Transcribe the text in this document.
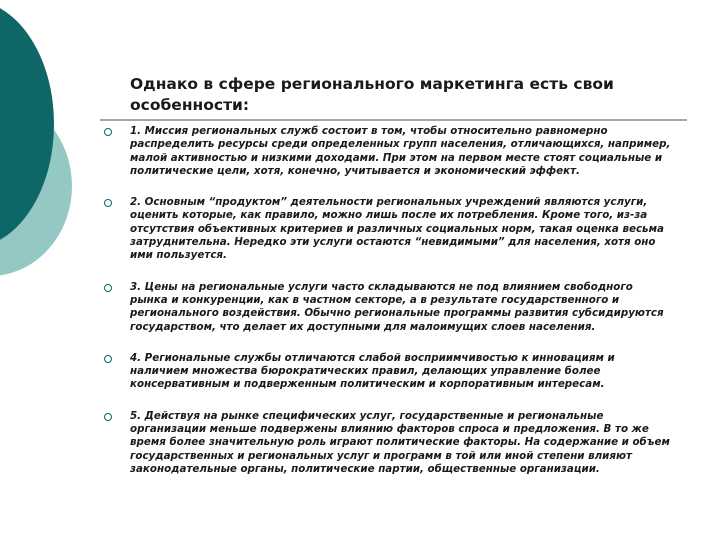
Однако в сфере регионального маркетинга есть свои особенности:
1. Миссия региональных служб состоит в том, чтобы относительно равномерно распределить ресурсы среди определенных групп населения, отличающихся, например, малой активностью и низкими доходами. При этом на первом месте стоят социальные и политические цели, хотя, конечно, учитывается и экономический эффект.
2. Основным “продуктом” деятельности региональных учреждений являются услуги, оценить которые, как правило, можно лишь после их потребления. Кроме того, из-за отсутствия объективных критериев и различных социальных норм, такая оценка весьма затруднительна. Нередко эти услуги остаются “невидимыми” для населения, хотя оно ими пользуется.
3. Цены на региональные услуги часто складываются не под влиянием свободного рынка и конкуренции, как в частном секторе, а в результате государственного и регионального воздействия. Обычно региональные программы развития субсидируются государством, что делает их доступными для малоимущих слоев населения.
4. Региональные службы отличаются слабой восприимчивостью к инновациям и наличием множества бюрократических правил, делающих управление более консервативным и подверженным политическим и корпоративным интересам.
5. Действуя на рынке специфических услуг, государственные и региональные организации меньше подвержены влиянию факторов спроса и предложения. В то же время более значительную роль играют политические факторы. На содержание и объем государственных и региональных услуг и программ в той или иной степени влияют законодательные органы, политические партии, общественные организации.
